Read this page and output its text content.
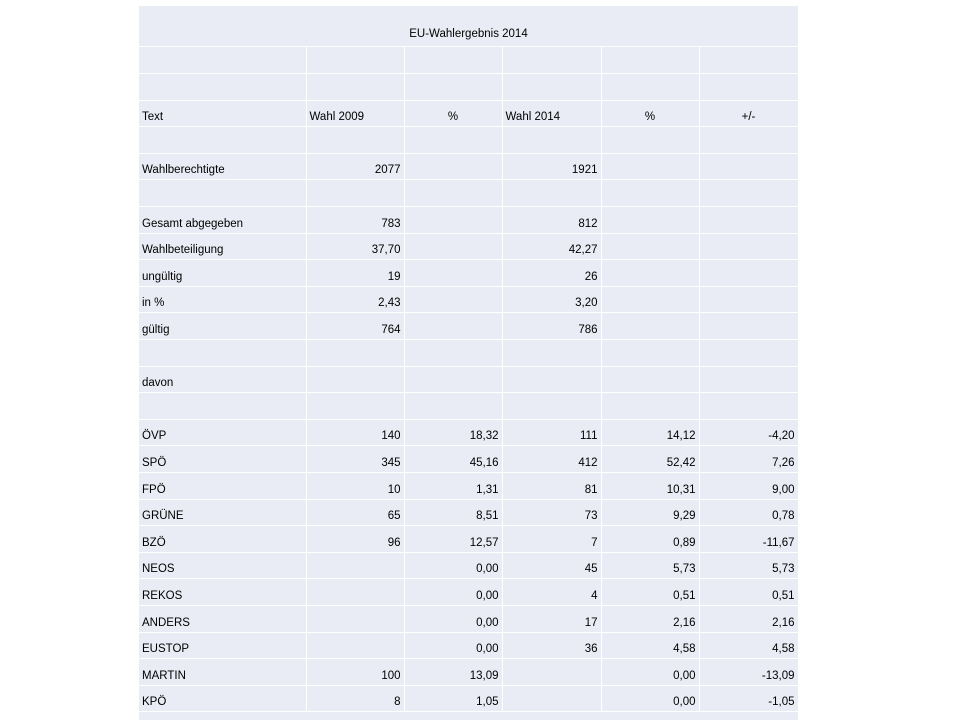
EU-Wahlergebnis 2014

Text	Wahl 2009	%	Wahl 2014	%	+/-

Wahlberechtigte	2077		1921		

Gesamt abgegeben	783		812		
Wahlbeteiligung	37,70		42,27		
ungültig	19		26		
in %	2,43		3,20		
gültig	764		786		

davon					

ÖVP	140	18,32	111	14,12	-4,20
SPÖ	345	45,16	412	52,42	7,26
FPÖ	10	1,31	81	10,31	9,00
GRÜNE	65	8,51	73	9,29	0,78
BZÖ	96	12,57	7	0,89	-11,67
NEOS		0,00	45	5,73	5,73
REKOS		0,00	4	0,51	0,51
ANDERS		0,00	17	2,16	2,16
EUSTOP		0,00	36	4,58	4,58
MARTIN	100	13,09		0,00	-13,09
KPÖ	8	1,05		0,00	-1,05
